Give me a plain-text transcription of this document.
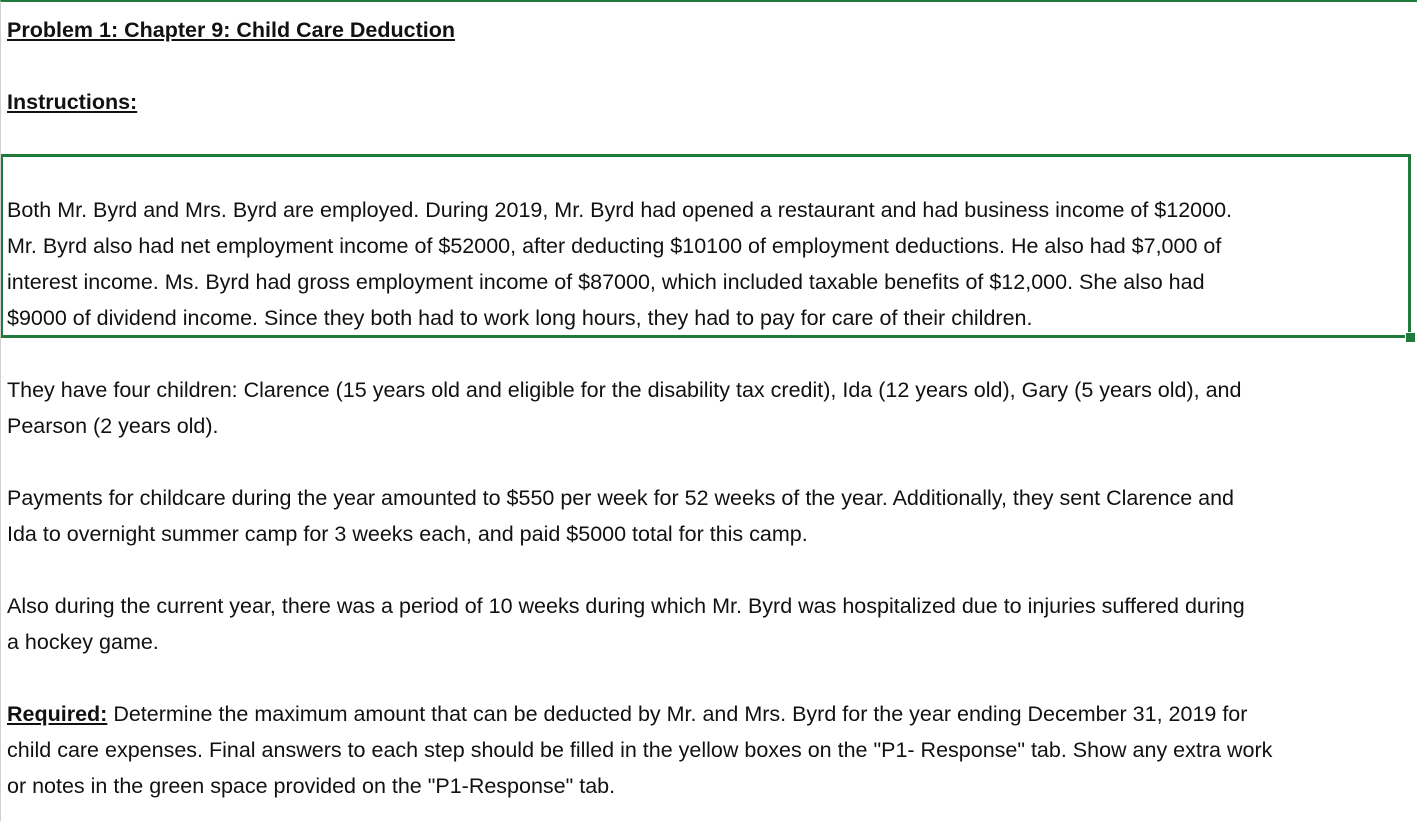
Problem 1: Chapter 9: Child Care Deduction
Instructions:
Both Mr. Byrd and Mrs. Byrd are employed. During 2019, Mr. Byrd had opened a restaurant and had business income of $12000.
Mr. Byrd also had net employment income of $52000, after deducting $10100 of employment deductions. He also had $7,000 of
interest income. Ms. Byrd had gross employment income of $87000, which included taxable benefits of $12,000. She also had
$9000 of dividend income. Since they both had to work long hours, they had to pay for care of their children.
They have four children: Clarence (15 years old and eligible for the disability tax credit), Ida (12 years old), Gary (5 years old), and
Pearson (2 years old).
Payments for childcare during the year amounted to $550 per week for 52 weeks of the year. Additionally, they sent Clarence and
Ida to overnight summer camp for 3 weeks each, and paid $5000 total for this camp.
Also during the current year, there was a period of 10 weeks during which Mr. Byrd was hospitalized due to injuries suffered during
a hockey game.
Required: Determine the maximum amount that can be deducted by Mr. and Mrs. Byrd for the year ending December 31, 2019 for
child care expenses. Final answers to each step should be filled in the yellow boxes on the "P1- Response" tab. Show any extra work
or notes in the green space provided on the "P1-Response" tab.
